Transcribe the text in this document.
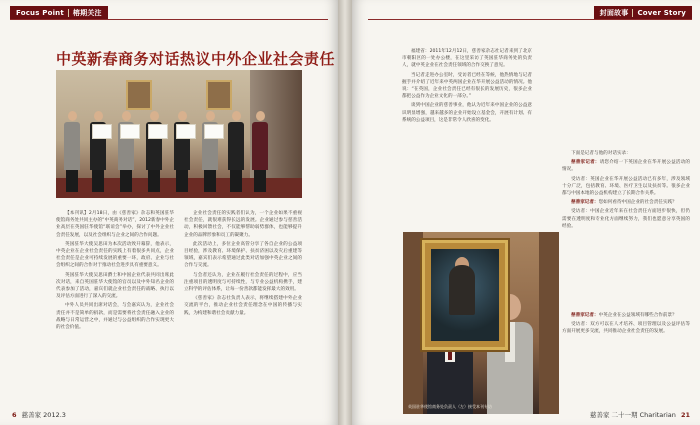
Focus Point 榕期关注
中英新春商务对话热议中外企业社会责任

【本刊讯】2月18日，由《慈善家》杂志和英国驻华使馆商务处共同主办的“中英商务对话”，2012新春中外企业高层在英国驻华使馆“联谊会”举办，探讨了中外企业社会责任发展，以及社会组织与企业之间的合作问题。

英国驻华大使吴思田为本次活动致开幕辞，他表示，中英企业在企业社会责任的实践上有着很多共同点，企业社会责任是企业可持续发展的重要一环，政府、企业与社会组织之间的合作对于推动社会进步具有重要意义。

英国驻华大使吴思田爵士和中国企业代表共同出席此次对话，来自英国驻华大使馆的官员以及中外知名企业的代表参加了活动，嘉宾们就企业社会责任的战略、执行以及评估方面进行了深入的交流。

中外人员共同出席对话会，与会嘉宾认为，企业社会责任并不是简单的捐款，而是需要将社会责任融入企业的战略与日常运营之中，并通过与公益组织的合作实现更大的社会价值。

企业社会责任的实践者们认为，一个企业如果不重视社会责任，就很难获得长远的发展。企业通过参与慈善活动，积极回馈社会，不仅能够帮助弱势群体，也能够提升企业的品牌形象和员工的凝聚力。

此次活动上，多位企业高管分享了各自企业的公益项目经验，涉及教育、环境保护、扶贫济困以及灾后重建等领域，嘉宾们表示希望通过此类对话加强中英企业之间的合作与交流。

与会者还认为，企业在履行社会责任的过程中，应当注重项目的透明度与可持续性，与专业公益机构携手，建立科学的评估体系，让每一份善款都能发挥最大的效用。

《慈善家》杂志社负责人表示，将继续搭建中外企业交流的平台，推动企业社会责任理念在中国的传播与实践，为构建和谐社会贡献力量。

6 慈善家 2012.3
封面故事 Cover Story

福建省：2011年12月12日，慈善家杂志社记者来到了北京市朝阳区的一处办公楼，在这里采访了英国驻华商务处的负责人，就中英企业在社会责任领域的合作交换了意见。

当记者走进办公室时，受访者已经在等候，他热情地与记者握手并介绍了近年来中英两国企业在华开展公益活动的情况。他说：“在英国，企业社会责任已经有很长的发展历史，很多企业都把公益作为企业文化的一部分。”

谈到中国企业的慈善事业，他认为近年来中国企业的公益意识明显增强，越来越多的企业开始设立基金会，开展有计划、有系统的公益项目，这是非常令人欣喜的变化。

下面是记者与他的对话实录：

慈善家记者：请您介绍一下英国企业在华开展公益活动的情况。

受访者：英国企业在华开展公益活动已有多年，涉及领域十分广泛，包括教育、环境、医疗卫生以及扶贫等。很多企业都与中国本地的公益机构建立了长期合作关系。

慈善家记者：您如何看待中国企业的社会责任实践？

受访者：中国企业近年来在社会责任方面进步很快，但仍需要在透明度和专业化方面继续努力，我们也愿意分享英国的经验。

慈善家记者：中英企业在公益领域有哪些合作前景？

受访者：双方可以在人才培养、项目管理以及公益评估等方面开展更多交流，共同推动企业社会责任的发展。

慈善家 二十一期 Charitarian 21
英国驻华使馆商务处负责人（左）接受本刊专访
